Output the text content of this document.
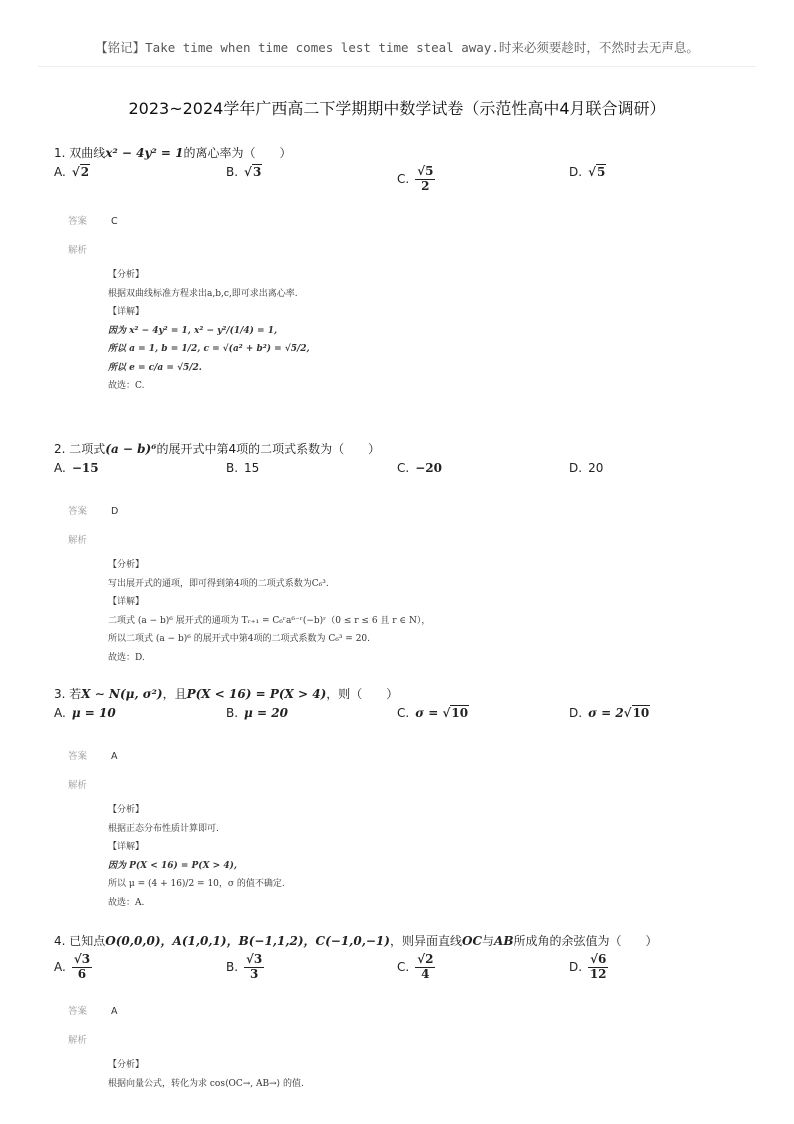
【铭记】Take time when time comes lest time steal away.时来必须要趁时，不然时去无声息。
2023~2024学年广西高二下学期期中数学试卷（示范性高中4月联合调研）
1. 双曲线x² − 4y² = 1的离心率为（　　）
A. √2	B. √3	C. $\frac{√5}{2}$	D. √5
答案	C
解析
【分析】
根据双曲线标准方程求出a,b,c,即可求出离心率.
【详解】
因为 x² − 4y² = 1, x² − y²/(1/4) = 1,
所以 a = 1, b = 1/2, c = √(a² + b²) = √5/2,
所以 e = c/a = √5/2.
故选：C.
2. 二项式(a − b)⁶的展开式中第4项的二项式系数为（　　）
A. −15	B. 15	C. −20	D. 20
答案	D
解析
【分析】
写出展开式的通项，即可得到第4项的二项式系数为C₆³.
【详解】
二项式 (a − b)⁶ 展开式的通项为 Tᵣ₊₁ = C₆ʳa⁶⁻ʳ(−b)ʳ（0 ≤ r ≤ 6 且 r ∈ N），
所以二项式 (a − b)⁶ 的展开式中第4项的二项式系数为 C₆³ = 20.
故选：D.
3. 若X ∼ N(μ, σ²)，且P(X < 16) = P(X > 4)，则（　　）
A. μ = 10	B. μ = 20	C. σ = √10	D. σ = 2√10
答案	A
解析
【分析】
根据正态分布性质计算即可.
【详解】
因为 P(X < 16) = P(X > 4),
所以 μ = (4 + 16)/2 = 10，σ 的值不确定.
故选：A.
4. 已知点O(0,0,0)，A(1,0,1)，B(−1,1,2)，C(−1,0,−1)，则异面直线OC与AB所成角的余弦值为（　　）
A. $\frac{√3}{6}$	B. $\frac{√3}{3}$	C. $\frac{√2}{4}$	D. $\frac{√6}{12}$
答案	A
解析
【分析】
根据向量公式，转化为求 cos⟨OC→, AB→⟩ 的值.
